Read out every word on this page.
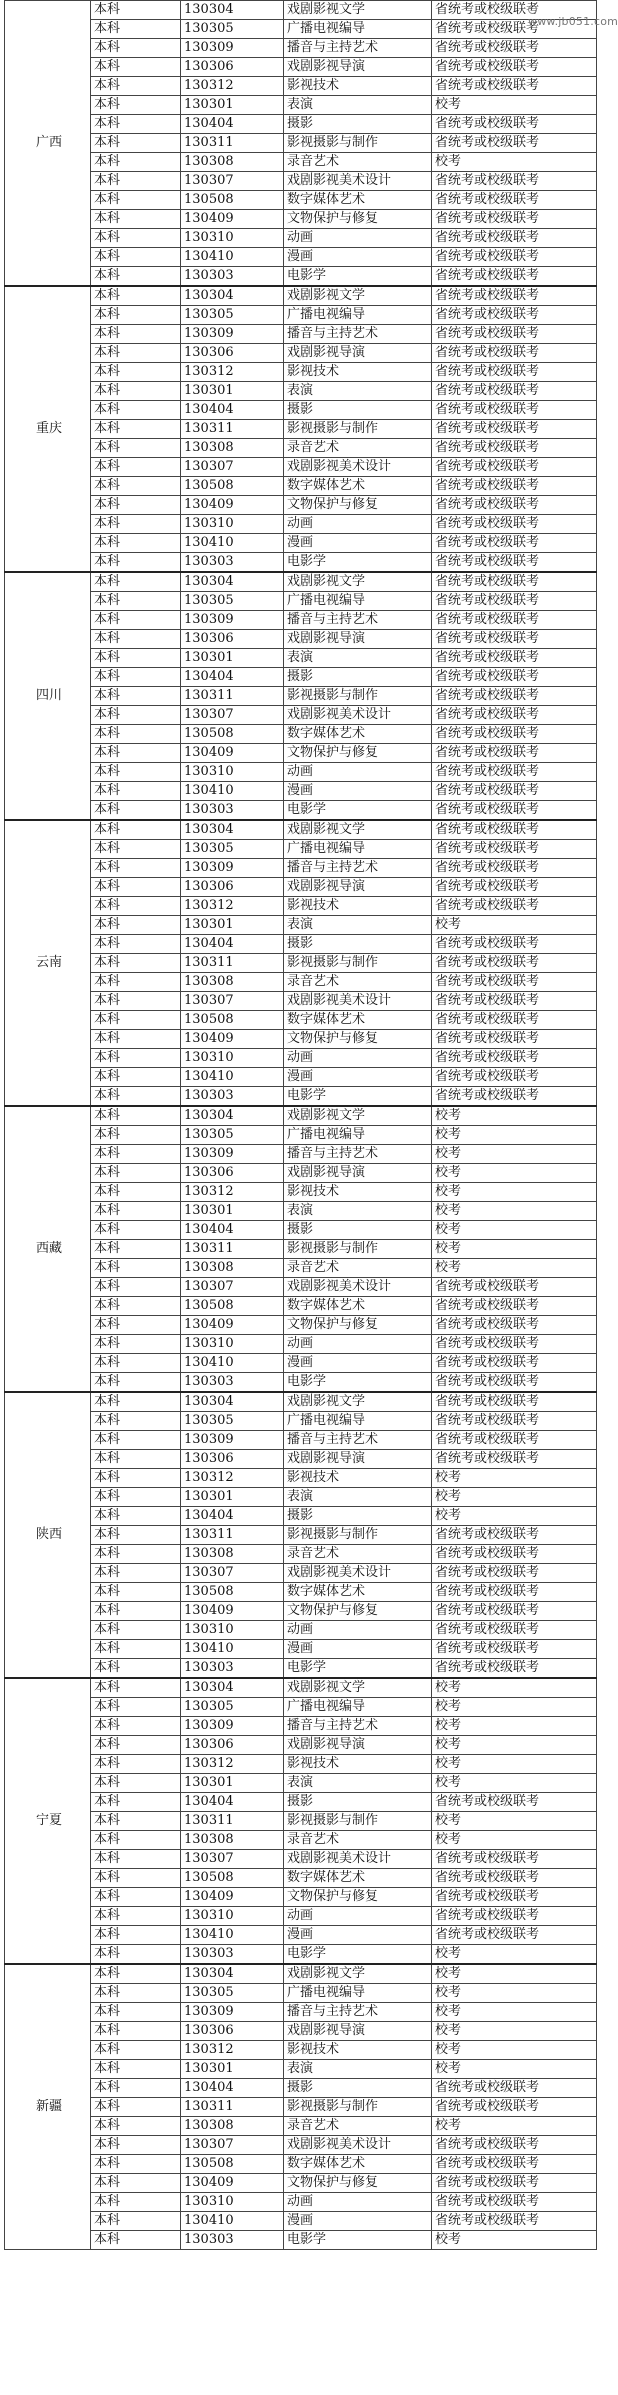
广西	本科	130304	戏剧影视文学	省统考或校级联考
	本科	130305	广播电视编导	省统考或校级联考
	本科	130309	播音与主持艺术	省统考或校级联考
	本科	130306	戏剧影视导演	省统考或校级联考
	本科	130312	影视技术	省统考或校级联考
	本科	130301	表演	校考
	本科	130404	摄影	省统考或校级联考
	本科	130311	影视摄影与制作	省统考或校级联考
	本科	130308	录音艺术	校考
	本科	130307	戏剧影视美术设计	省统考或校级联考
	本科	130508	数字媒体艺术	省统考或校级联考
	本科	130409	文物保护与修复	省统考或校级联考
	本科	130310	动画	省统考或校级联考
	本科	130410	漫画	省统考或校级联考
	本科	130303	电影学	省统考或校级联考
重庆	本科	130304	戏剧影视文学	省统考或校级联考
	本科	130305	广播电视编导	省统考或校级联考
	本科	130309	播音与主持艺术	省统考或校级联考
	本科	130306	戏剧影视导演	省统考或校级联考
	本科	130312	影视技术	省统考或校级联考
	本科	130301	表演	省统考或校级联考
	本科	130404	摄影	省统考或校级联考
	本科	130311	影视摄影与制作	省统考或校级联考
	本科	130308	录音艺术	省统考或校级联考
	本科	130307	戏剧影视美术设计	省统考或校级联考
	本科	130508	数字媒体艺术	省统考或校级联考
	本科	130409	文物保护与修复	省统考或校级联考
	本科	130310	动画	省统考或校级联考
	本科	130410	漫画	省统考或校级联考
	本科	130303	电影学	省统考或校级联考
四川	本科	130304	戏剧影视文学	省统考或校级联考
	本科	130305	广播电视编导	省统考或校级联考
	本科	130309	播音与主持艺术	省统考或校级联考
	本科	130306	戏剧影视导演	省统考或校级联考
	本科	130301	表演	省统考或校级联考
	本科	130404	摄影	省统考或校级联考
	本科	130311	影视摄影与制作	省统考或校级联考
	本科	130307	戏剧影视美术设计	省统考或校级联考
	本科	130508	数字媒体艺术	省统考或校级联考
	本科	130409	文物保护与修复	省统考或校级联考
	本科	130310	动画	省统考或校级联考
	本科	130410	漫画	省统考或校级联考
	本科	130303	电影学	省统考或校级联考
云南	本科	130304	戏剧影视文学	省统考或校级联考
	本科	130305	广播电视编导	省统考或校级联考
	本科	130309	播音与主持艺术	省统考或校级联考
	本科	130306	戏剧影视导演	省统考或校级联考
	本科	130312	影视技术	省统考或校级联考
	本科	130301	表演	校考
	本科	130404	摄影	省统考或校级联考
	本科	130311	影视摄影与制作	省统考或校级联考
	本科	130308	录音艺术	省统考或校级联考
	本科	130307	戏剧影视美术设计	省统考或校级联考
	本科	130508	数字媒体艺术	省统考或校级联考
	本科	130409	文物保护与修复	省统考或校级联考
	本科	130310	动画	省统考或校级联考
	本科	130410	漫画	省统考或校级联考
	本科	130303	电影学	省统考或校级联考
西藏	本科	130304	戏剧影视文学	校考
	本科	130305	广播电视编导	校考
	本科	130309	播音与主持艺术	校考
	本科	130306	戏剧影视导演	校考
	本科	130312	影视技术	校考
	本科	130301	表演	校考
	本科	130404	摄影	校考
	本科	130311	影视摄影与制作	校考
	本科	130308	录音艺术	校考
	本科	130307	戏剧影视美术设计	省统考或校级联考
	本科	130508	数字媒体艺术	省统考或校级联考
	本科	130409	文物保护与修复	省统考或校级联考
	本科	130310	动画	省统考或校级联考
	本科	130410	漫画	省统考或校级联考
	本科	130303	电影学	省统考或校级联考
陕西	本科	130304	戏剧影视文学	省统考或校级联考
	本科	130305	广播电视编导	省统考或校级联考
	本科	130309	播音与主持艺术	省统考或校级联考
	本科	130306	戏剧影视导演	省统考或校级联考
	本科	130312	影视技术	校考
	本科	130301	表演	校考
	本科	130404	摄影	校考
	本科	130311	影视摄影与制作	省统考或校级联考
	本科	130308	录音艺术	省统考或校级联考
	本科	130307	戏剧影视美术设计	省统考或校级联考
	本科	130508	数字媒体艺术	省统考或校级联考
	本科	130409	文物保护与修复	省统考或校级联考
	本科	130310	动画	省统考或校级联考
	本科	130410	漫画	省统考或校级联考
	本科	130303	电影学	省统考或校级联考
宁夏	本科	130304	戏剧影视文学	校考
	本科	130305	广播电视编导	校考
	本科	130309	播音与主持艺术	校考
	本科	130306	戏剧影视导演	校考
	本科	130312	影视技术	校考
	本科	130301	表演	校考
	本科	130404	摄影	省统考或校级联考
	本科	130311	影视摄影与制作	校考
	本科	130308	录音艺术	校考
	本科	130307	戏剧影视美术设计	省统考或校级联考
	本科	130508	数字媒体艺术	省统考或校级联考
	本科	130409	文物保护与修复	省统考或校级联考
	本科	130310	动画	省统考或校级联考
	本科	130410	漫画	省统考或校级联考
	本科	130303	电影学	校考
新疆	本科	130304	戏剧影视文学	校考
	本科	130305	广播电视编导	校考
	本科	130309	播音与主持艺术	校考
	本科	130306	戏剧影视导演	校考
	本科	130312	影视技术	校考
	本科	130301	表演	校考
	本科	130404	摄影	省统考或校级联考
	本科	130311	影视摄影与制作	省统考或校级联考
	本科	130308	录音艺术	校考
	本科	130307	戏剧影视美术设计	省统考或校级联考
	本科	130508	数字媒体艺术	省统考或校级联考
	本科	130409	文物保护与修复	省统考或校级联考
	本科	130310	动画	省统考或校级联考
	本科	130410	漫画	省统考或校级联考
	本科	130303	电影学	校考
www.jb051.com
